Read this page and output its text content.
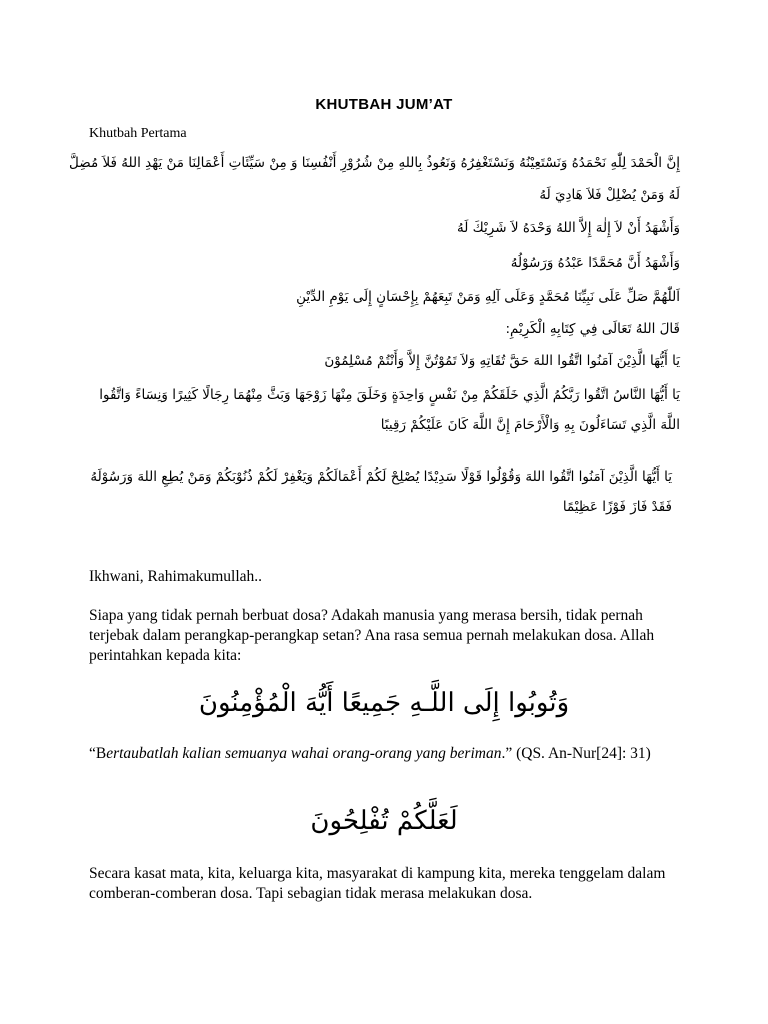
KHUTBAH JUM’AT
Khutbah Pertama
إِنَّ الْحَمْدَ لِلّٰهِ نَحْمَدُهُ وَنَسْتَعِيْنُهُ وَنَسْتَغْفِرُهُ وَنَعُوذُ بِاللهِ مِنْ شُرُوْرِ أَنْفُسِنَا وَ مِنْ سَيِّئَاتِ أَعْمَالِنَا مَنْ يَهْدِ اللهُ فَلاَ مُضِلَّ
لَهُ وَمَنْ يُضْلِلْ فَلاَ هَادِيَ لَهُ
وَأَشْهَدُ أَنْ لاَ إِلٰهَ إِلاَّ اللهُ وَحْدَهُ لاَ شَرِيْكَ لَهُ
وَأَشْهَدُ أَنَّ مُحَمَّدًا عَبْدُهُ وَرَسُوْلُهُ
اَللّٰهُمَّ صَلِّ عَلَى نَبِيِّنَا مُحَمَّدٍ وَعَلَى آلِهِ وَمَنْ تَبِعَهُمْ بِإِحْسَانٍ إِلَى يَوْمِ الدِّيْنِ
قَالَ اللهُ تَعَالَى فِي كِتَابِهِ الْكَرِيْمِ:
يَا أَيُّهَا الَّذِيْنَ آمَنُوا اتَّقُوا اللهَ حَقَّ تُقَاتِهِ وَلاَ تَمُوْتُنَّ إِلاَّ وَأَنْتُمْ مُسْلِمُوْنَ
يَا أَيُّهَا النَّاسُ اتَّقُوا رَبَّكُمُ الَّذِي خَلَقَكُمْ مِنْ نَفْسٍ وَاحِدَةٍ وَخَلَقَ مِنْهَا زَوْجَهَا وَبَثَّ مِنْهُمَا رِجَالًا كَثِيرًا وَنِسَاءً وَاتَّقُوا اللَّهَ الَّذِي تَسَاءَلُونَ بِهِ وَالْأَرْحَامَ إِنَّ اللَّهَ كَانَ عَلَيْكُمْ رَقِيبًا
يَا أَيُّهَا الَّذِيْنَ آمَنُوا اتَّقُوا اللهَ وَقُوْلُوا قَوْلًا سَدِيْدًا يُصْلِحْ لَكُمْ أَعْمَالَكُمْ وَيَغْفِرْ لَكُمْ ذُنُوْبَكُمْ وَمَنْ يُطِعِ اللهَ وَرَسُوْلَهُ فَقَدْ فَازَ فَوْزًا عَظِيْمًا
Ikhwani, Rahimakumullah..
Siapa yang tidak pernah berbuat dosa? Adakah manusia yang merasa bersih, tidak pernah terjebak dalam perangkap-perangkap setan? Ana rasa semua pernah melakukan dosa. Allah perintahkan kepada kita:
وَتُوبُوا إِلَى اللَّـهِ جَمِيعًا أَيُّهَ الْمُؤْمِنُونَ
“Bertaubatlah kalian semuanya wahai orang-orang yang beriman.” (QS. An-Nur[24]: 31)
لَعَلَّكُمْ تُفْلِحُونَ
Secara kasat mata, kita, keluarga kita, masyarakat di kampung kita, mereka tenggelam dalam comberan-comberan dosa. Tapi sebagian tidak merasa melakukan dosa.
